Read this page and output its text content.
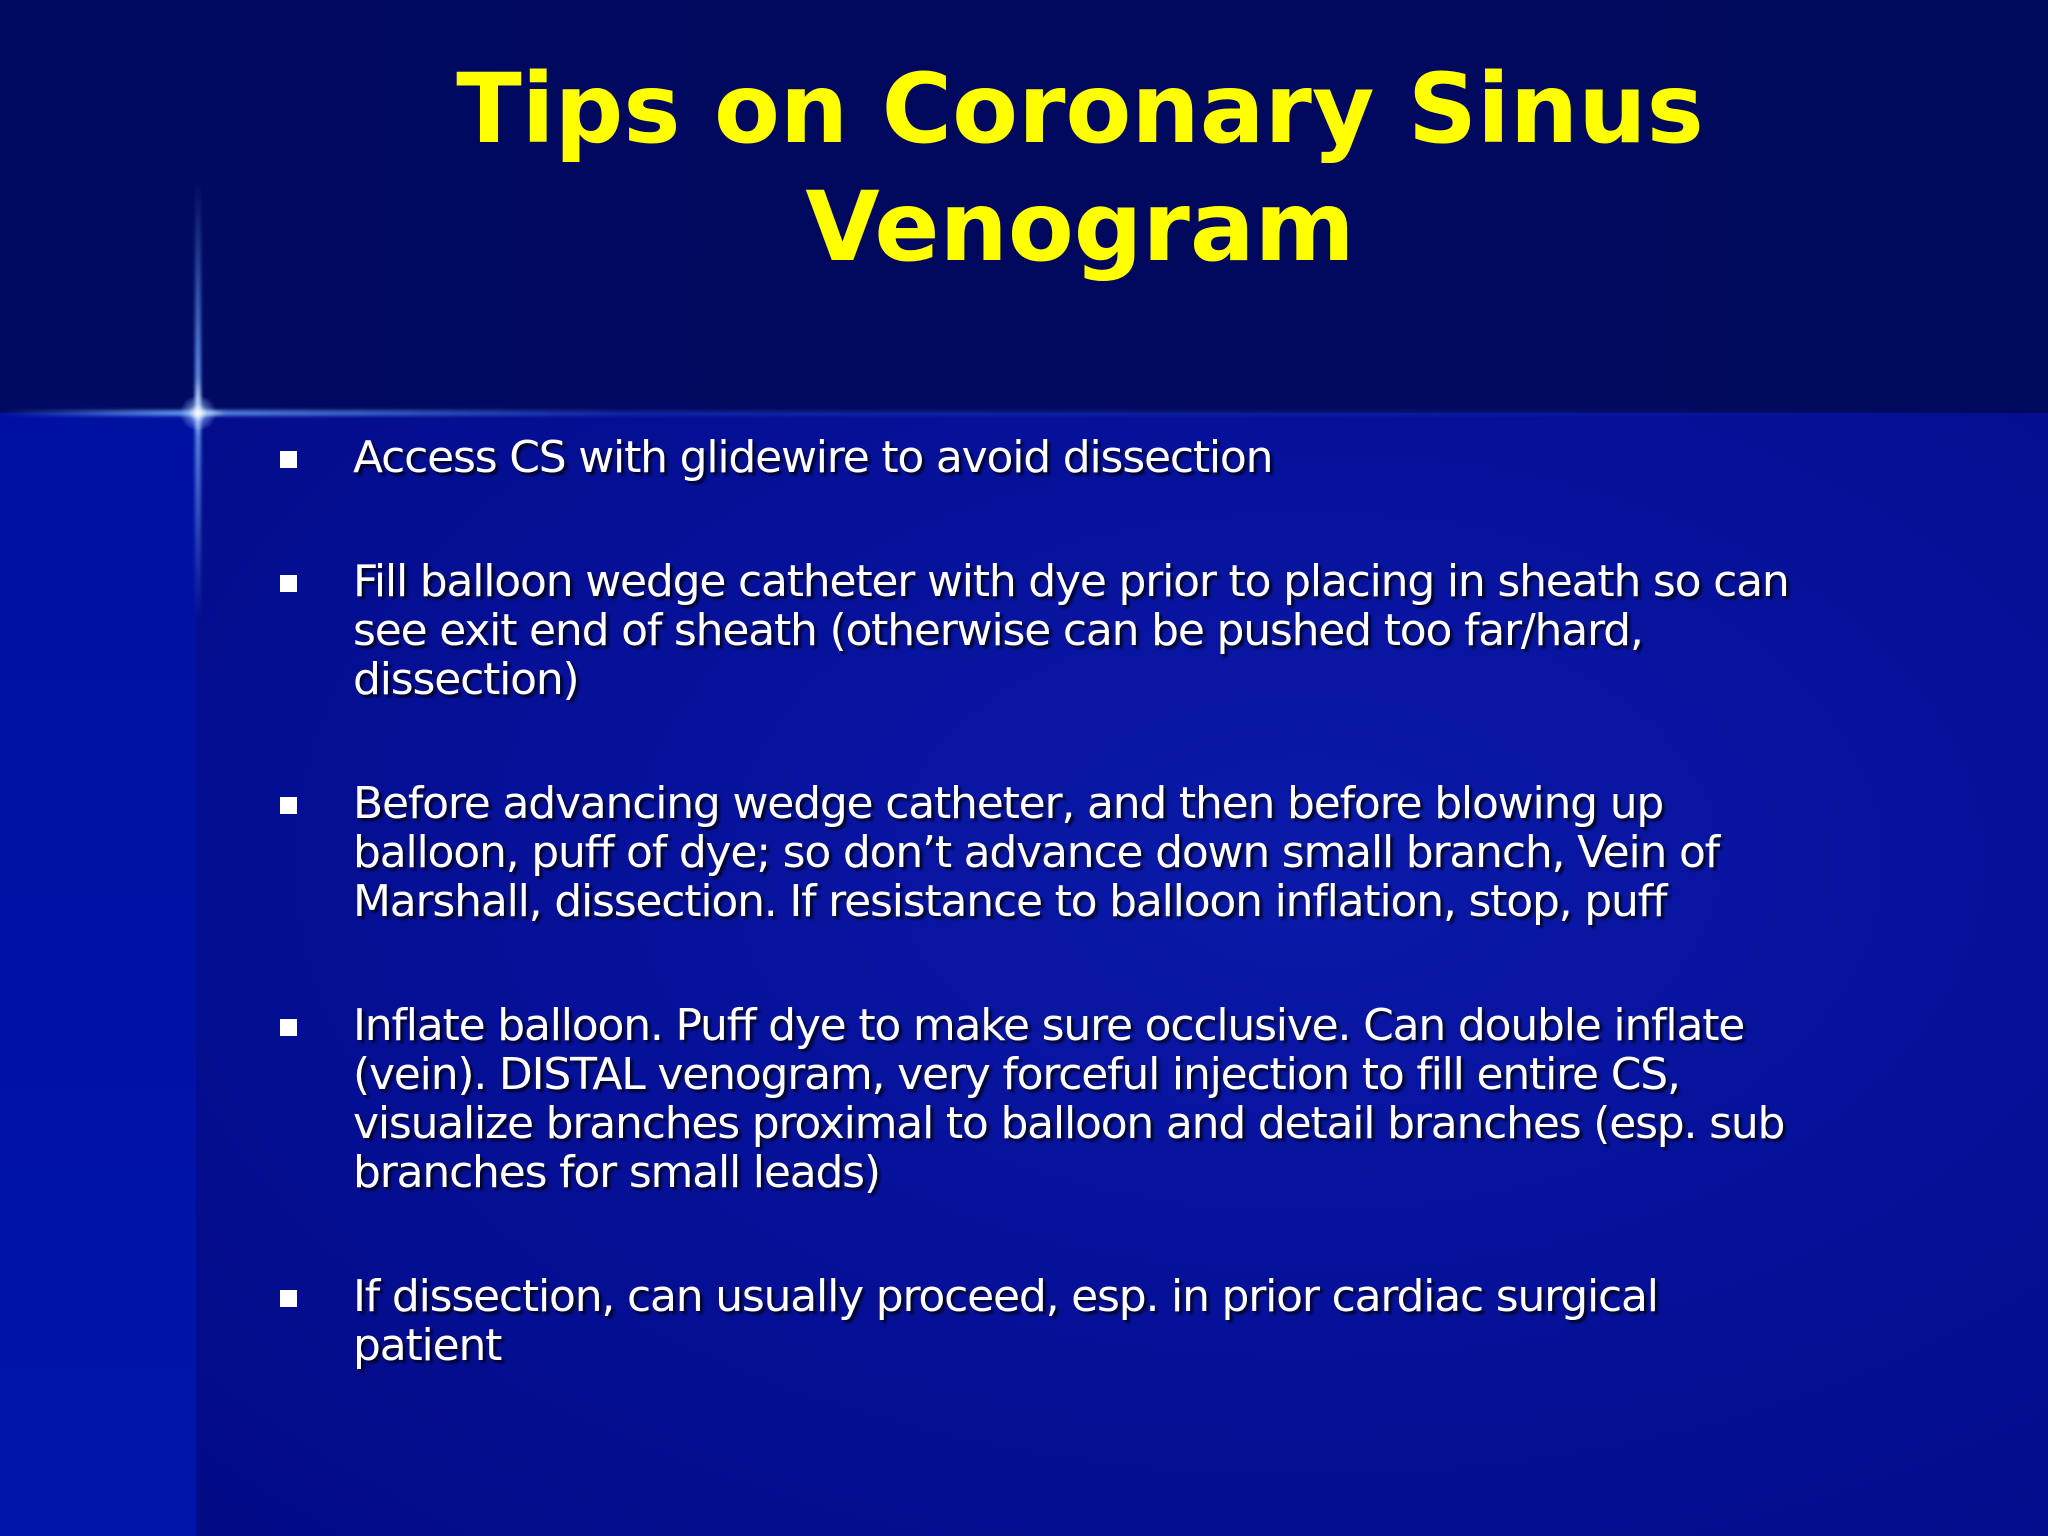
Tips on Coronary Sinus
Venogram
Access CS with glidewire to avoid dissection
Fill balloon wedge catheter with dye prior to placing in sheath so can
see exit end of sheath (otherwise can be pushed too far/hard,
dissection)
Before advancing wedge catheter, and then before blowing up
balloon, puff of dye; so don’t advance down small branch, Vein of
Marshall, dissection. If resistance to balloon inflation, stop, puff
Inflate balloon. Puff dye to make sure occlusive. Can double inflate
(vein). DISTAL venogram, very forceful injection to fill entire CS,
visualize branches proximal to balloon and detail branches (esp. sub
branches for small leads)
If dissection, can usually proceed, esp. in prior cardiac surgical
patient
